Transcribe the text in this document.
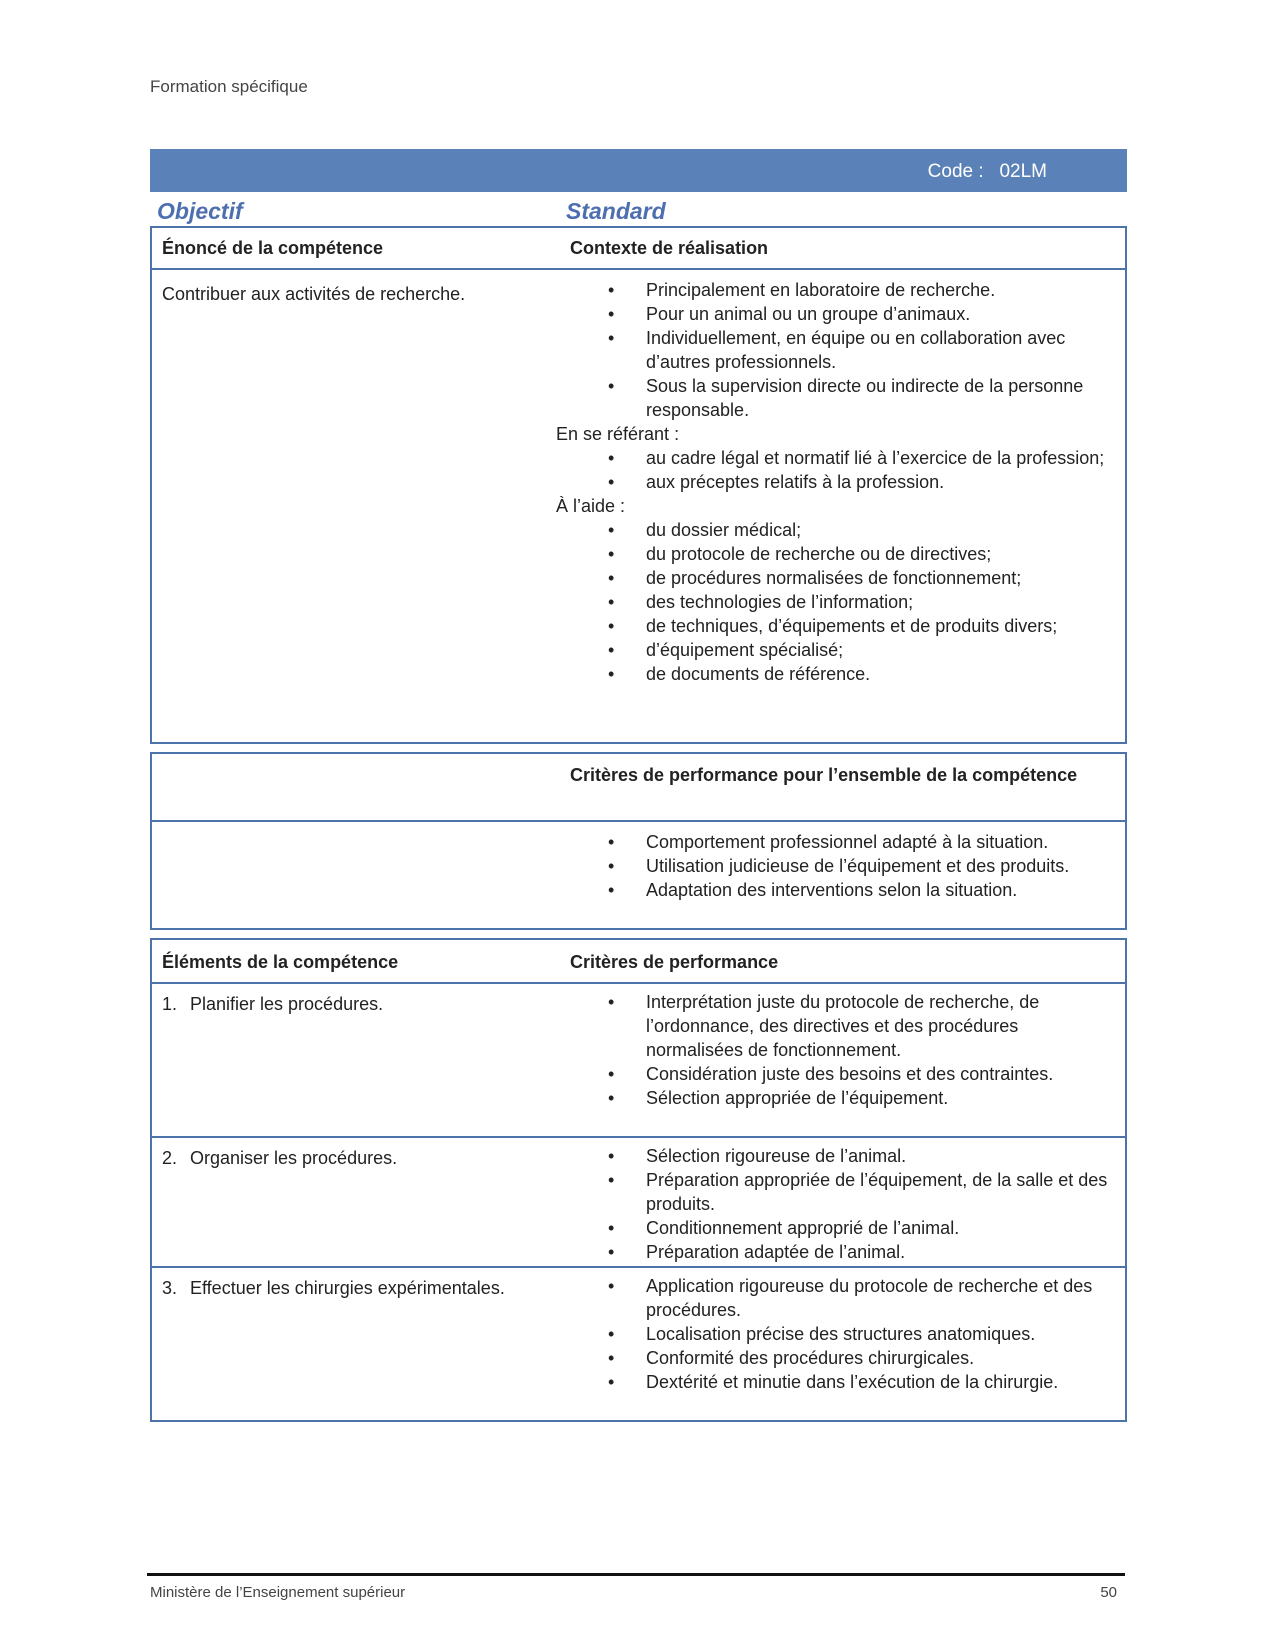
Formation spécifique
Code :   02LM
Objectif	Standard
Énoncé de la compétence	Contexte de réalisation
Contribuer aux activités de recherche.	• Principalement en laboratoire de recherche.
• Pour un animal ou un groupe d’animaux.
• Individuellement, en équipe ou en collaboration avec d’autres professionnels.
• Sous la supervision directe ou indirecte de la personne responsable.
En se référant :
• au cadre légal et normatif lié à l’exercice de la profession;
• aux préceptes relatifs à la profession.
À l’aide :
• du dossier médical;
• du protocole de recherche ou de directives;
• de procédures normalisées de fonctionnement;
• des technologies de l’information;
• de techniques, d’équipements et de produits divers;
• d’équipement spécialisé;
• de documents de référence.
Critères de performance pour l’ensemble de la compétence
• Comportement professionnel adapté à la situation.
• Utilisation judicieuse de l’équipement et des produits.
• Adaptation des interventions selon la situation.
Éléments de la compétence	Critères de performance
1. Planifier les procédures.	• Interprétation juste du protocole de recherche, de l’ordonnance, des directives et des procédures normalisées de fonctionnement.
• Considération juste des besoins et des contraintes.
• Sélection appropriée de l’équipement.
2. Organiser les procédures.	• Sélection rigoureuse de l’animal.
• Préparation appropriée de l’équipement, de la salle et des produits.
• Conditionnement approprié de l’animal.
• Préparation adaptée de l’animal.
3. Effectuer les chirurgies expérimentales.	• Application rigoureuse du protocole de recherche et des procédures.
• Localisation précise des structures anatomiques.
• Conformité des procédures chirurgicales.
• Dextérité et minutie dans l’exécution de la chirurgie.
Ministère de l’Enseignement supérieur	50
